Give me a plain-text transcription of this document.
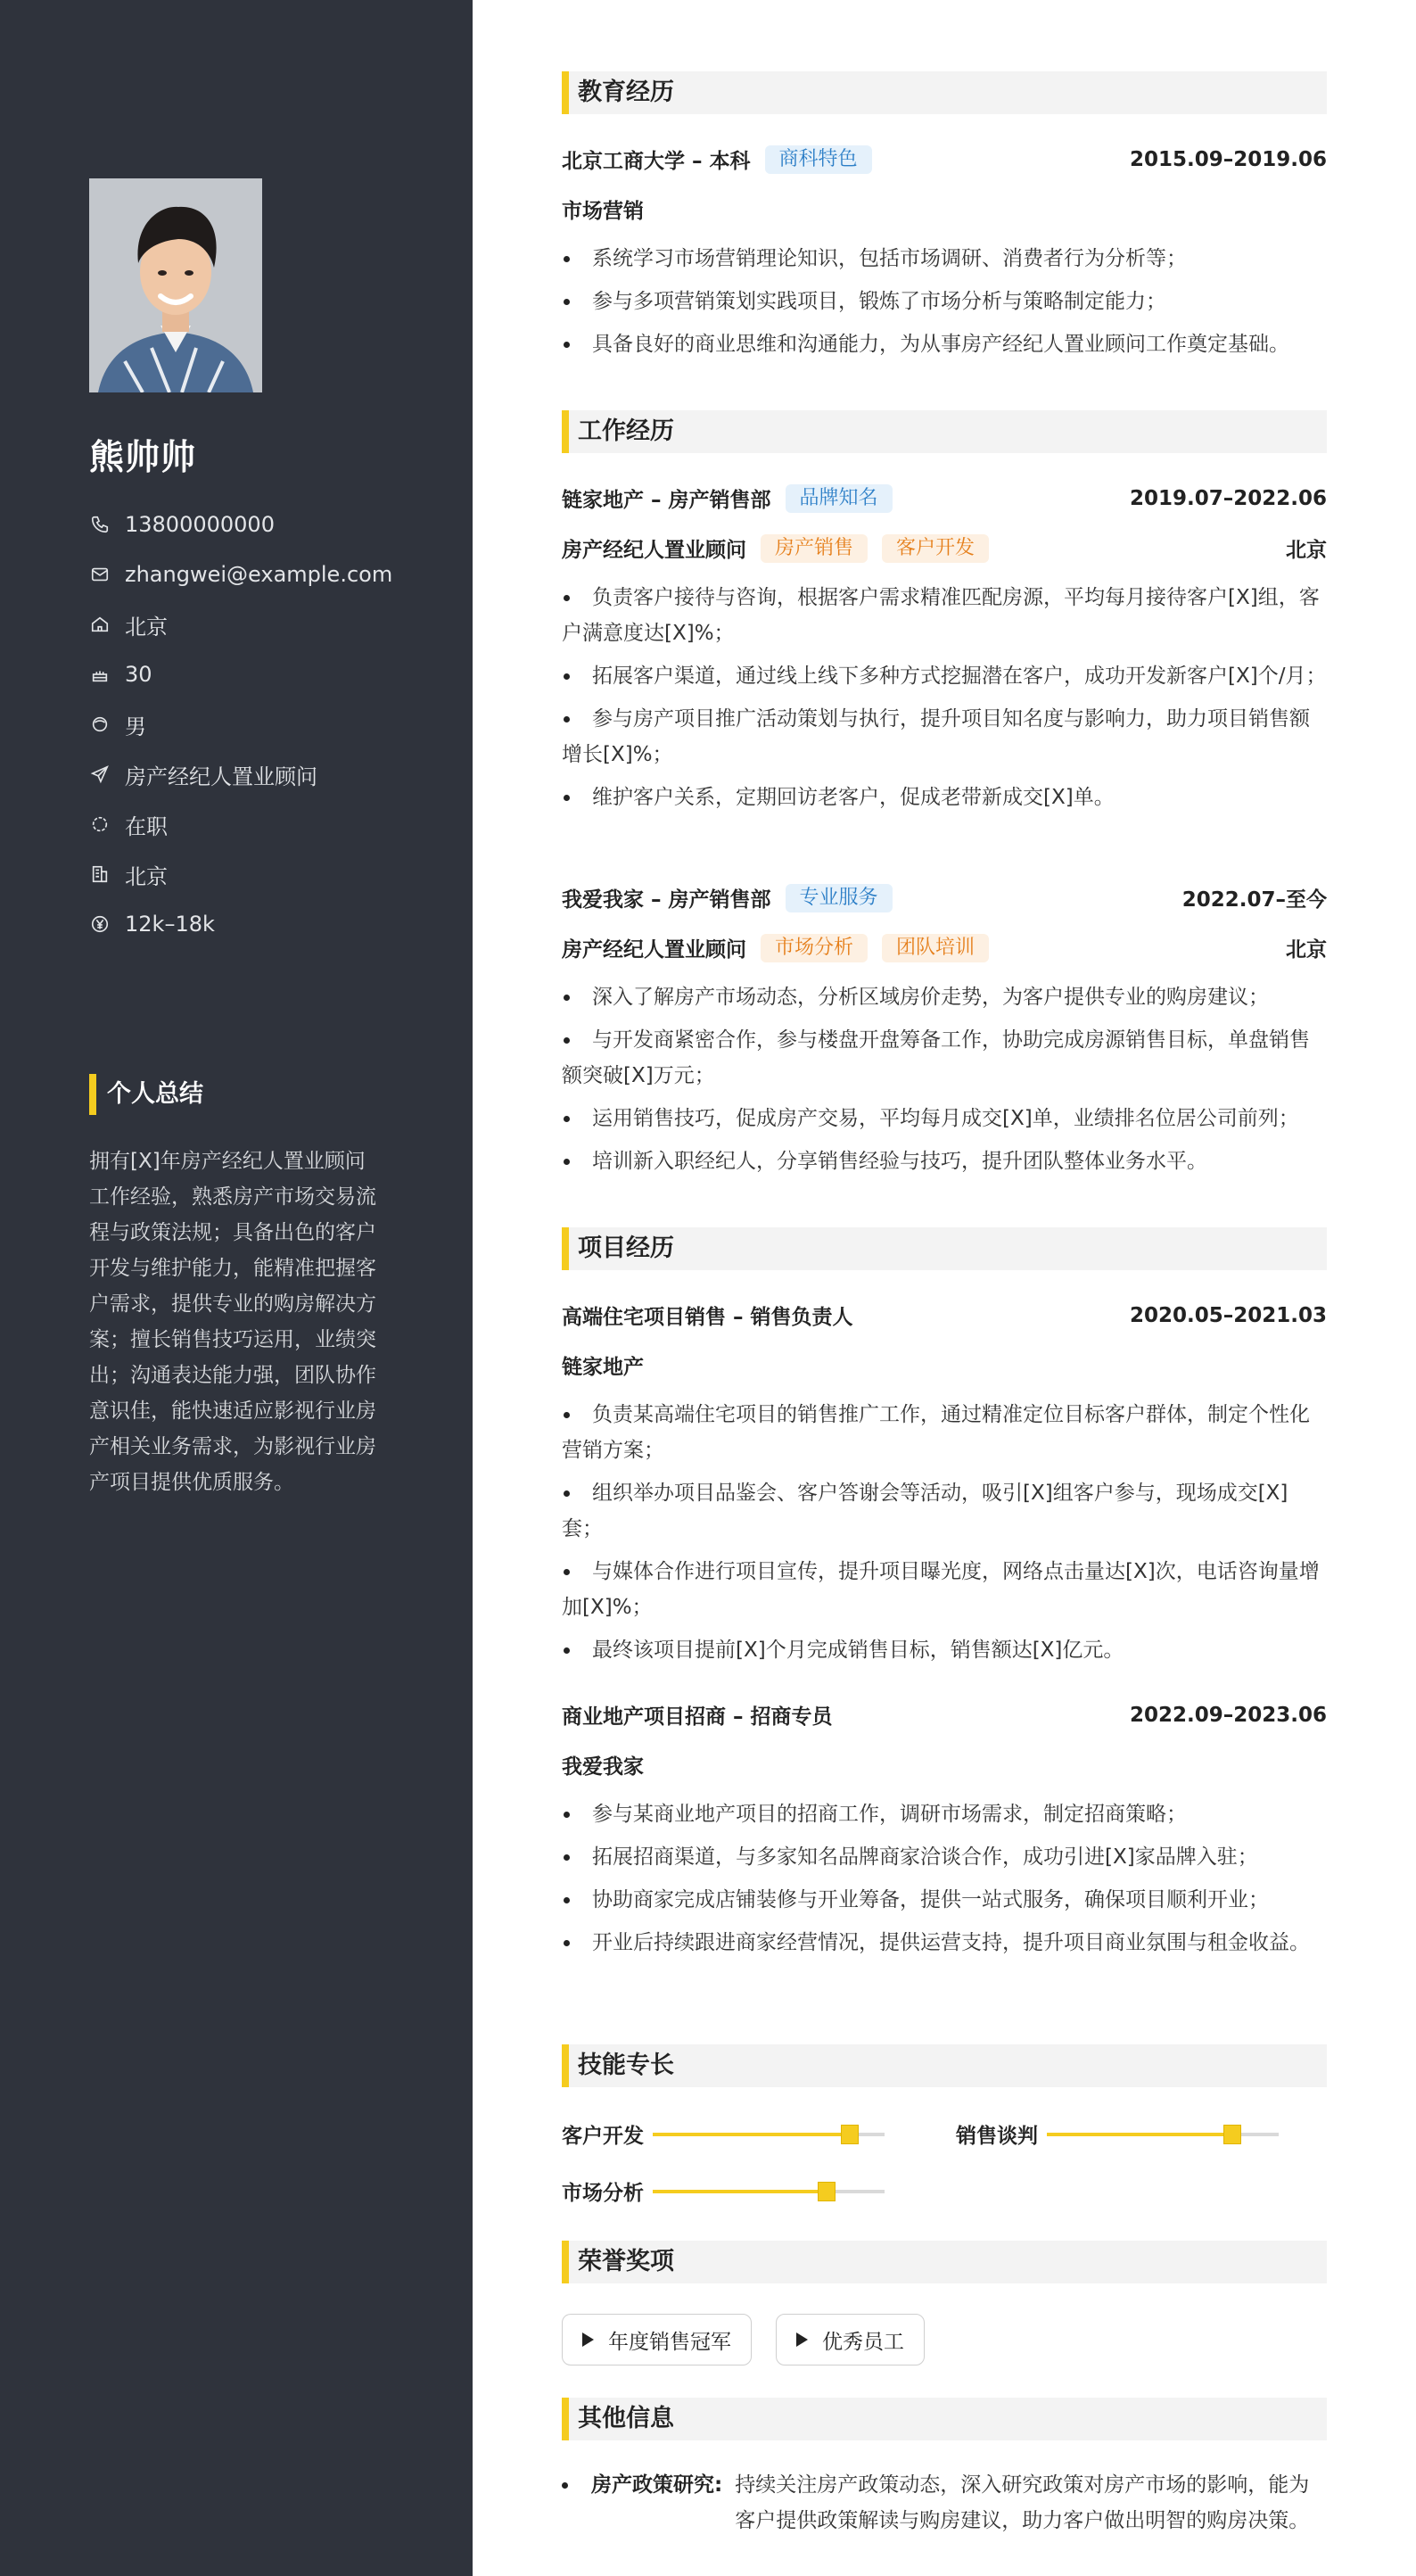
熊帅帅
13800000000
zhangwei@example.com
北京
30
男
房产经纪人置业顾问
在职
北京
12k–18k
个人总结

拥有[X]年房产经纪人置业顾问工作经验，熟悉房产市场交易流程与政策法规；具备出色的客户开发与维护能力，能精准把握客户需求，提供专业的购房解决方案；擅长销售技巧运用，业绩突出；沟通表达能力强，团队协作意识佳，能快速适应影视行业房产相关业务需求，为影视行业房产项目提供优质服务。

教育经历
北京工商大学 – 本科	商科特色	2015.09–2019.06
市场营销
系统学习市场营销理论知识，包括市场调研、消费者行为分析等；
参与多项营销策划实践项目，锻炼了市场分析与策略制定能力；
具备良好的商业思维和沟通能力，为从事房产经纪人置业顾问工作奠定基础。
工作经历
链家地产 – 房产销售部	品牌知名	2019.07–2022.06
房产经纪人置业顾问	房产销售	客户开发	北京
负责客户接待与咨询，根据客户需求精准匹配房源，平均每月接待客户[X]组，客户满意度达[X]%；
拓展客户渠道，通过线上线下多种方式挖掘潜在客户，成功开发新客户[X]个/月；
参与房产项目推广活动策划与执行，提升项目知名度与影响力，助力项目销售额增长[X]%；
维护客户关系，定期回访老客户，促成老带新成交[X]单。
我爱我家 – 房产销售部	专业服务	2022.07–至今
房产经纪人置业顾问	市场分析	团队培训	北京
深入了解房产市场动态，分析区域房价走势，为客户提供专业的购房建议；
与开发商紧密合作，参与楼盘开盘筹备工作，协助完成房源销售目标，单盘销售额突破[X]万元；
运用销售技巧，促成房产交易，平均每月成交[X]单，业绩排名位居公司前列；
培训新入职经纪人，分享销售经验与技巧，提升团队整体业务水平。
项目经历
高端住宅项目销售 – 销售负责人	2020.05–2021.03
链家地产
负责某高端住宅项目的销售推广工作，通过精准定位目标客户群体，制定个性化营销方案；
组织举办项目品鉴会、客户答谢会等活动，吸引[X]组客户参与，现场成交[X]套；
与媒体合作进行项目宣传，提升项目曝光度，网络点击量达[X]次，电话咨询量增加[X]%；
最终该项目提前[X]个月完成销售目标，销售额达[X]亿元。
商业地产项目招商 – 招商专员	2022.09–2023.06
我爱我家
参与某商业地产项目的招商工作，调研市场需求，制定招商策略；
拓展招商渠道，与多家知名品牌商家洽谈合作，成功引进[X]家品牌入驻；
协助商家完成店铺装修与开业筹备，提供一站式服务，确保项目顺利开业；
开业后持续跟进商家经营情况，提供运营支持，提升项目商业氛围与租金收益。
技能专长
客户开发	销售谈判
市场分析
荣誉奖项
年度销售冠军	优秀员工
其他信息
房产政策研究: 持续关注房产政策动态，深入研究政策对房产市场的影响，能为客户提供政策解读与购房建议，助力客户做出明智的购房决策。
